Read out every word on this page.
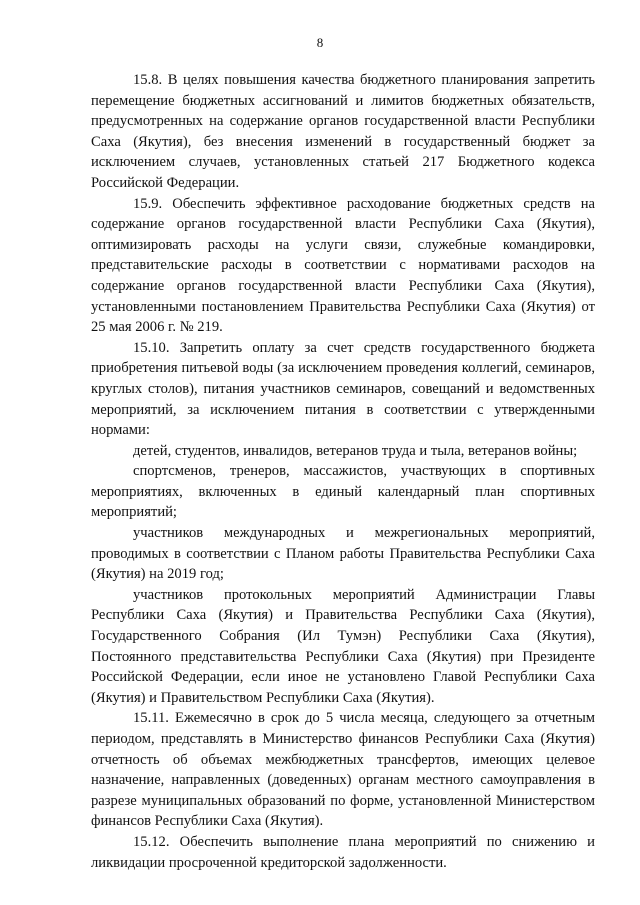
8

15.8. В целях повышения качества бюджетного планирования запретить перемещение бюджетных ассигнований и лимитов бюджетных обязательств, предусмотренных на содержание органов государственной власти Республики Саха (Якутия), без внесения изменений в государственный бюджет за исключением случаев, установленных статьей 217 Бюджетного кодекса Российской Федерации.

15.9. Обеспечить эффективное расходование бюджетных средств на содержание органов государственной власти Республики Саха (Якутия), оптимизировать расходы на услуги связи, служебные командировки, представительские расходы в соответствии с нормативами расходов на содержание органов государственной власти Республики Саха (Якутия), установленными постановлением Правительства Республики Саха (Якутия) от 25 мая 2006 г. № 219.

15.10. Запретить оплату за счет средств государственного бюджета приобретения питьевой воды (за исключением проведения коллегий, семинаров, круглых столов), питания участников семинаров, совещаний и ведомственных мероприятий, за исключением питания в соответствии с утвержденными нормами:

детей, студентов, инвалидов, ветеранов труда и тыла, ветеранов войны;

спортсменов, тренеров, массажистов, участвующих в спортивных мероприятиях, включенных в единый календарный план спортивных мероприятий;

участников международных и межрегиональных мероприятий, проводимых в соответствии с Планом работы Правительства Республики Саха (Якутия) на 2019 год;

участников протокольных мероприятий Администрации Главы Республики Саха (Якутия) и Правительства Республики Саха (Якутия), Государственного Собрания (Ил Тумэн) Республики Саха (Якутия), Постоянного представительства Республики Саха (Якутия) при Президенте Российской Федерации, если иное не установлено Главой Республики Саха (Якутия) и Правительством Республики Саха (Якутия).

15.11. Ежемесячно в срок до 5 числа месяца, следующего за отчетным периодом, представлять в Министерство финансов Республики Саха (Якутия) отчетность об объемах межбюджетных трансфертов, имеющих целевое назначение, направленных (доведенных) органам местного самоуправления в разрезе муниципальных образований по форме, установленной Министерством финансов Республики Саха (Якутия).

15.12. Обеспечить выполнение плана мероприятий по снижению и ликвидации просроченной кредиторской задолженности.
